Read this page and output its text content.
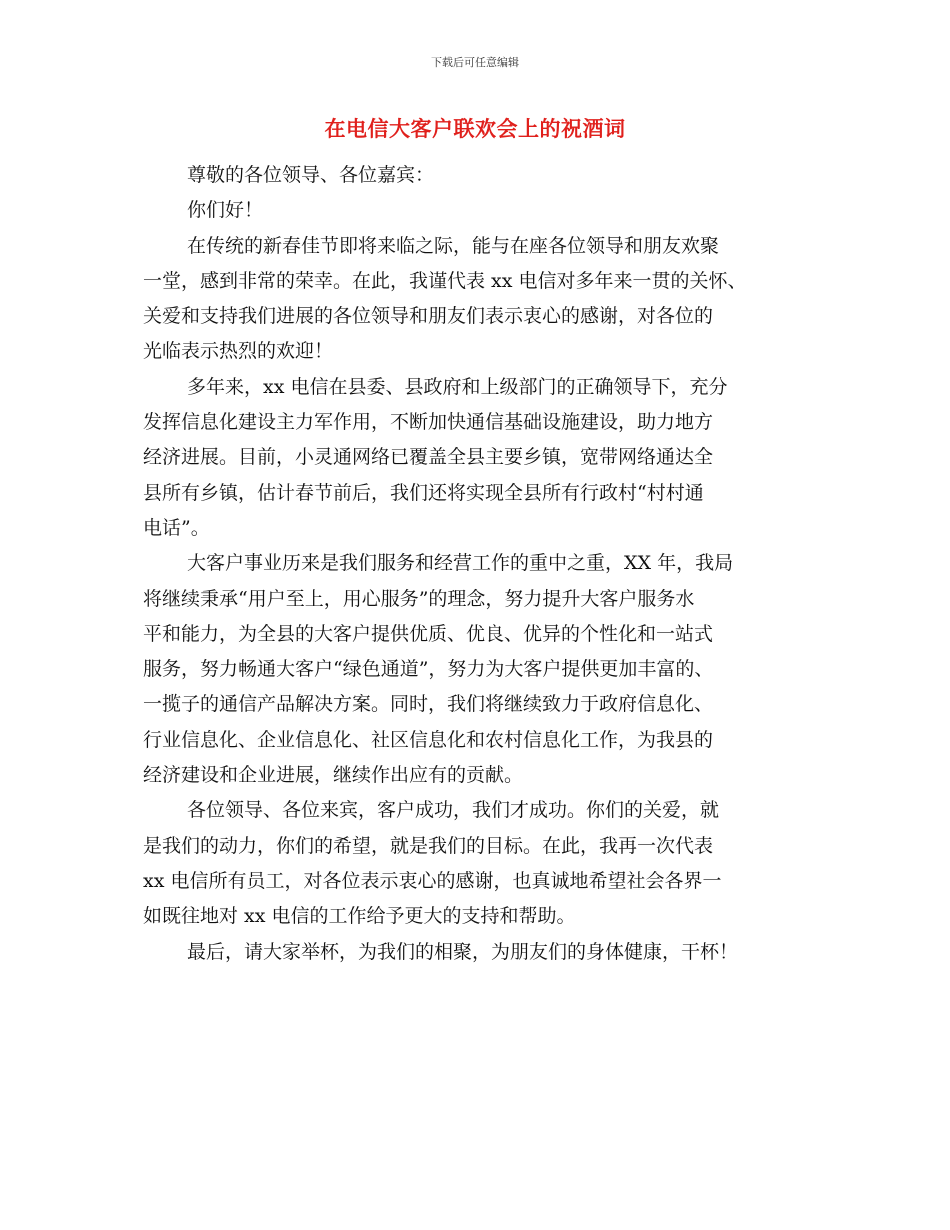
下载后可任意编辑
在电信大客户联欢会上的祝酒词
尊敬的各位领导、各位嘉宾：
你们好！
在传统的新春佳节即将来临之际，能与在座各位领导和朋友欢聚
一堂，感到非常的荣幸。在此，我谨代表 xx 电信对多年来一贯的关怀、
关爱和支持我们进展的各位领导和朋友们表示衷心的感谢，对各位的
光临表示热烈的欢迎！
多年来，xx 电信在县委、县政府和上级部门的正确领导下，充分
发挥信息化建设主力军作用，不断加快通信基础设施建设，助力地方
经济进展。目前，小灵通网络已覆盖全县主要乡镇，宽带网络通达全
县所有乡镇，估计春节前后，我们还将实现全县所有行政村“村村通
电话”。
大客户事业历来是我们服务和经营工作的重中之重，XX 年，我局
将继续秉承“用户至上，用心服务”的理念，努力提升大客户服务水
平和能力，为全县的大客户提供优质、优良、优异的个性化和一站式
服务，努力畅通大客户“绿色通道”，努力为大客户提供更加丰富的、
一揽子的通信产品解决方案。同时，我们将继续致力于政府信息化、
行业信息化、企业信息化、社区信息化和农村信息化工作，为我县的
经济建设和企业进展，继续作出应有的贡献。
各位领导、各位来宾，客户成功，我们才成功。你们的关爱，就
是我们的动力，你们的希望，就是我们的目标。在此，我再一次代表
xx 电信所有员工，对各位表示衷心的感谢，也真诚地希望社会各界一
如既往地对 xx 电信的工作给予更大的支持和帮助。
最后，请大家举杯，为我们的相聚，为朋友们的身体健康，干杯！
